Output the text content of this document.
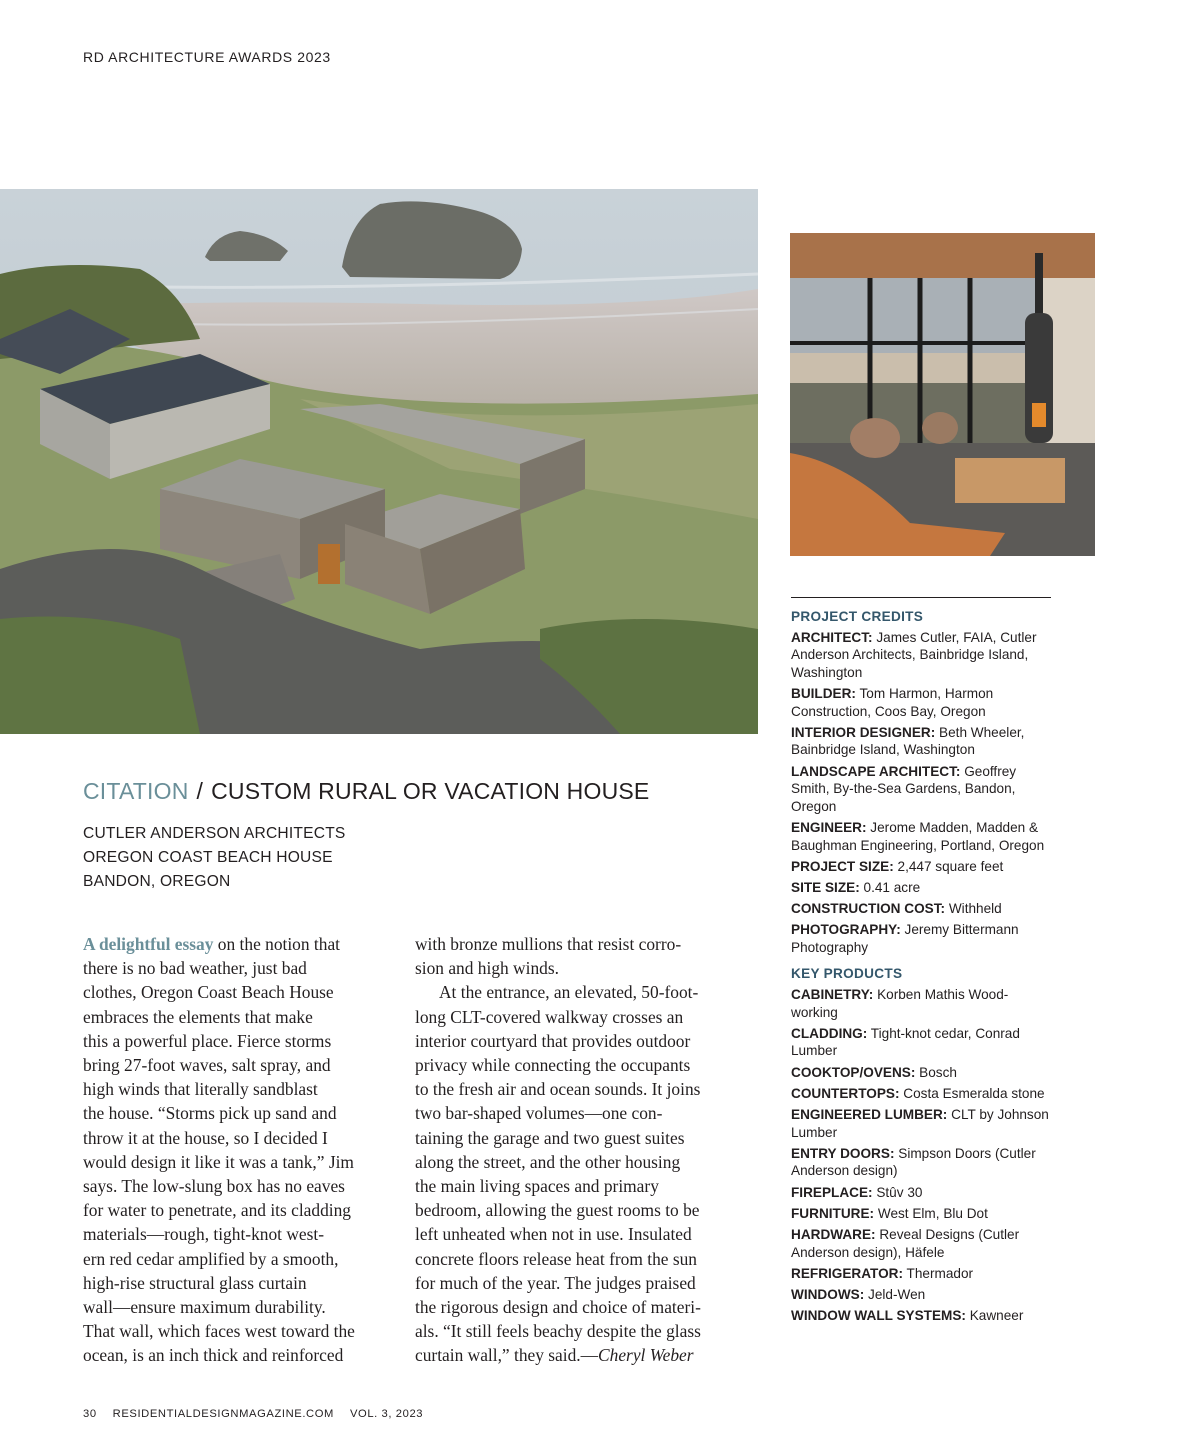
RD ARCHITECTURE AWARDS 2023
PROJECT CREDITS
ARCHITECT: James Cutler, FAIA, Cutler Anderson Architects, Bainbridge Island, Washington
BUILDER: Tom Harmon, Harmon Construction, Coos Bay, Oregon
INTERIOR DESIGNER: Beth Wheeler, Bainbridge Island, Washington
LANDSCAPE ARCHITECT: Geoffrey Smith, By-the-Sea Gardens, Bandon, Oregon
ENGINEER: Jerome Madden, Madden & Baughman Engineering, Portland, Oregon
PROJECT SIZE: 2,447 square feet
SITE SIZE: 0.41 acre
CONSTRUCTION COST: Withheld
PHOTOGRAPHY: Jeremy Bittermann Photography
KEY PRODUCTS
CABINETRY: Korben Mathis Wood-working
CLADDING: Tight-knot cedar, Conrad Lumber
COOKTOP/OVENS: Bosch
COUNTERTOPS: Costa Esmeralda stone
ENGINEERED LUMBER: CLT by Johnson Lumber
ENTRY DOORS: Simpson Doors (Cutler Anderson design)
FIREPLACE: Stûv 30
FURNITURE: West Elm, Blu Dot
HARDWARE: Reveal Designs (Cutler Anderson design), Häfele
REFRIGERATOR: Thermador
WINDOWS: Jeld-Wen
WINDOW WALL SYSTEMS: Kawneer
CITATION / CUSTOM RURAL OR VACATION HOUSE
CUTLER ANDERSON ARCHITECTS
OREGON COAST BEACH HOUSE
BANDON, OREGON

A delightful essay on the notion that
there is no bad weather, just bad
clothes, Oregon Coast Beach House
embraces the elements that make
this a powerful place. Fierce storms
bring 27-foot waves, salt spray, and
high winds that literally sandblast
the house. “Storms pick up sand and
throw it at the house, so I decided I
would design it like it was a tank,” Jim
says. The low-slung box has no eaves
for water to penetrate, and its cladding
materials—rough, tight-knot west-
ern red cedar amplified by a smooth,
high-rise structural glass curtain
wall—ensure maximum durability.
That wall, which faces west toward the
ocean, is an inch thick and reinforced

with bronze mullions that resist corro-
sion and high winds.

At the entrance, an elevated, 50-foot-
long CLT-covered walkway crosses an
interior courtyard that provides outdoor
privacy while connecting the occupants
to the fresh air and ocean sounds. It joins
two bar-shaped volumes—one con-
taining the garage and two guest suites
along the street, and the other housing
the main living spaces and primary
bedroom, allowing the guest rooms to be
left unheated when not in use. Insulated
concrete floors release heat from the sun
for much of the year. The judges praised
the rigorous design and choice of materi-
als. “It still feels beachy despite the glass
curtain wall,” they said.—Cheryl Weber

30 RESIDENTIALDESIGNMAGAZINE.COM VOL. 3, 2023
